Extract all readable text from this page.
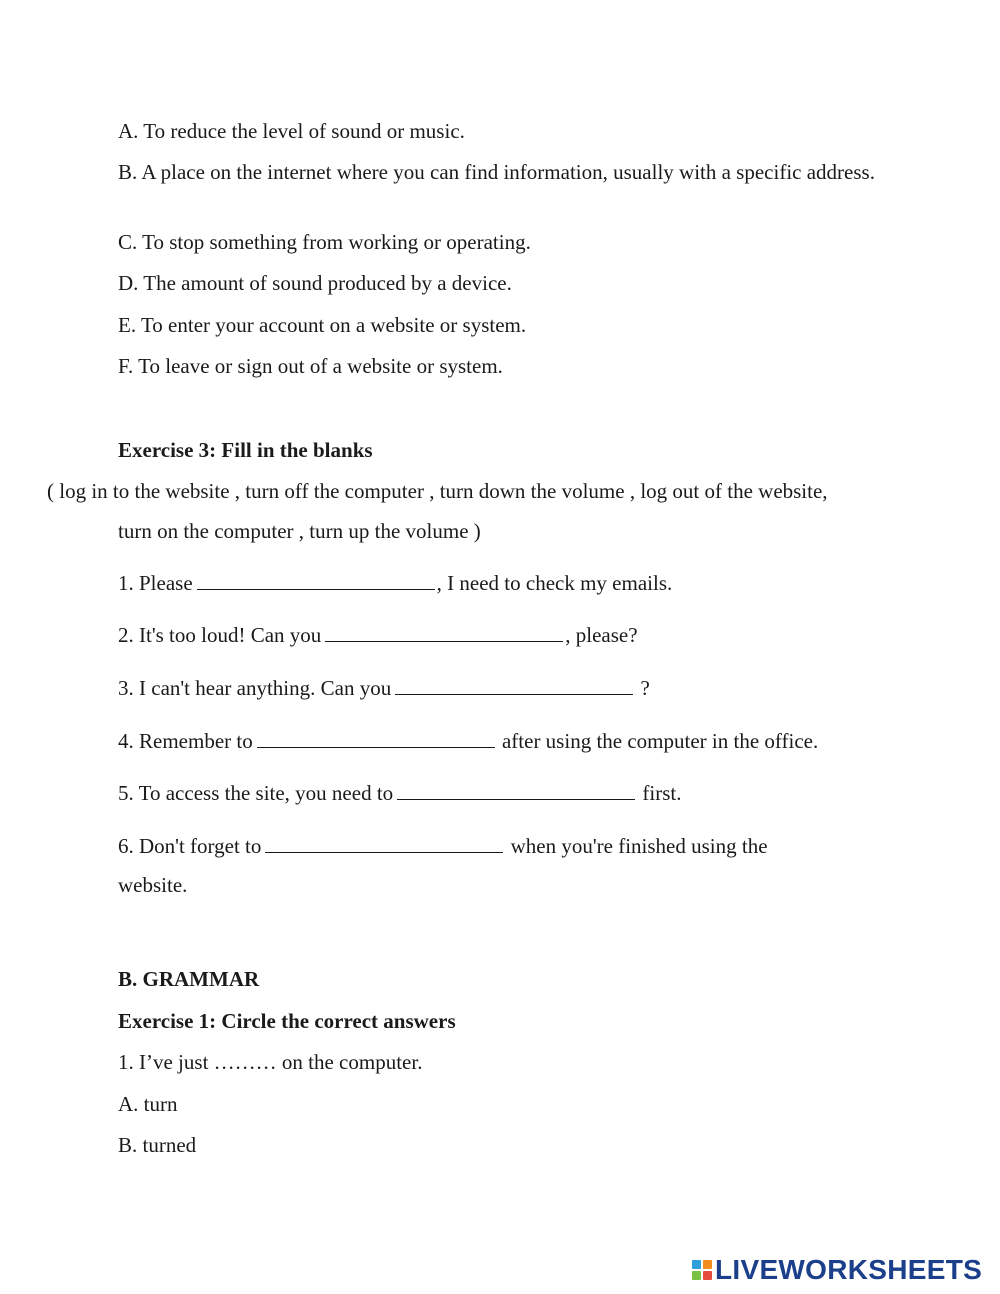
A. To reduce the level of sound or music.
B. A place on the internet where you can find information, usually with a specific address.
C. To stop something from working or operating.
D. The amount of sound produced by a device.
E. To enter your account on a website or system.
F. To leave or sign out of a website or system.
Exercise 3: Fill in the blanks
( log in to the website , turn off the computer , turn down the volume , log out of the website,
turn on the computer , turn up the volume )
1. Please	, I need to check my emails.
2. It's too loud! Can you	, please?
3. I can't hear anything. Can you	?
4. Remember to	after using the computer in the office.
5. To access the site, you need to	first.
6. Don't forget to	when you're finished using the
website.
B. GRAMMAR
Exercise 1: Circle the correct answers
1. I’ve just ……… on the computer.
A. turn
B. turned
LIVEWORKSHEETS
